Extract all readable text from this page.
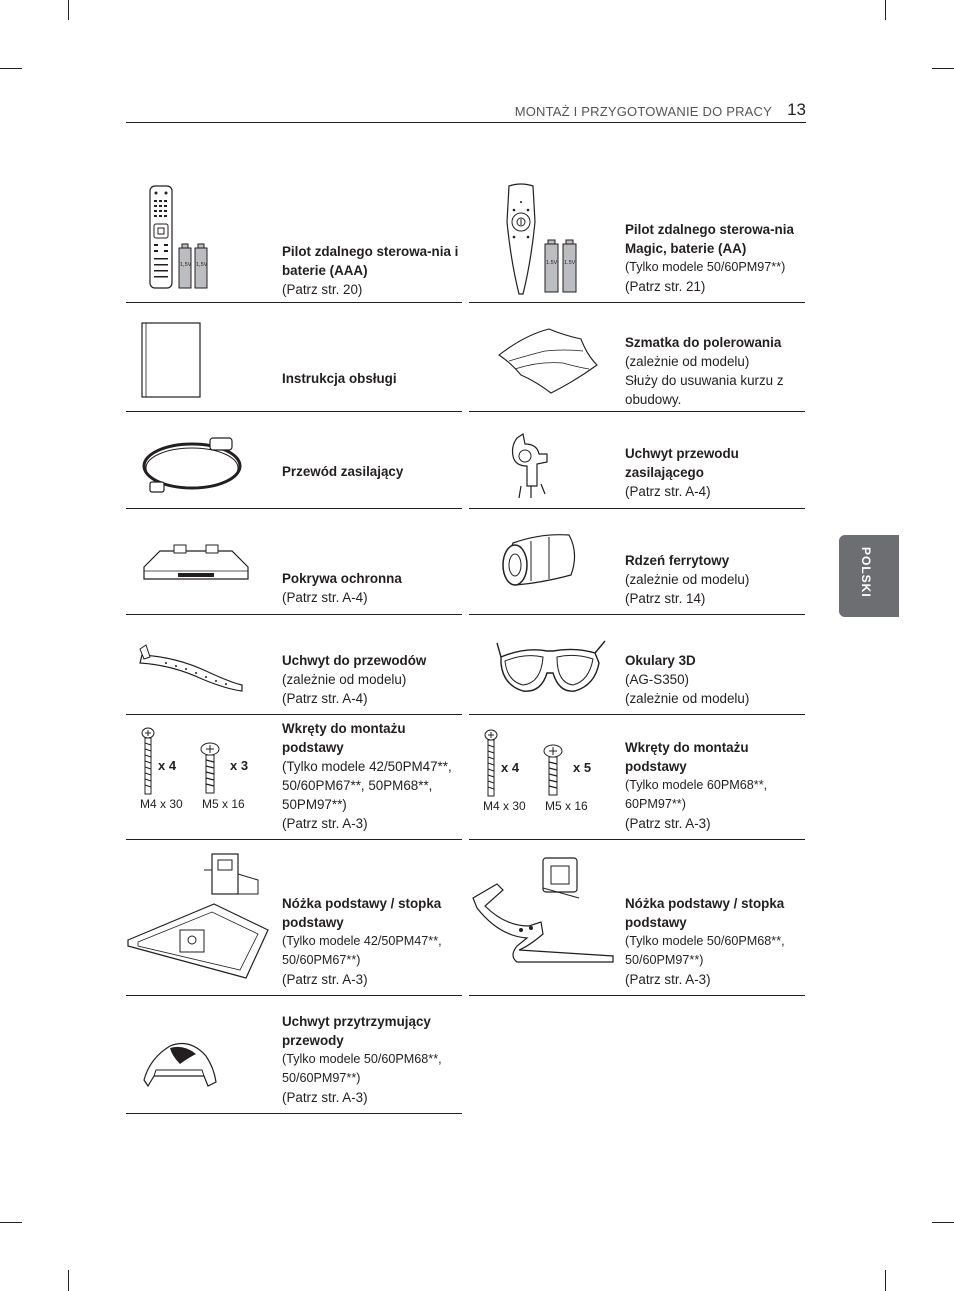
MONTAŻ I PRZYGOTOWANIE DO PRACY 13
POLSKI
1,5V 1,5V
Pilot zdalnego sterowa-nia i baterie (AAA)
(Patrz str. 20)
1.5V 1.5V
Pilot zdalnego sterowa-nia Magic, baterie (AA)
(Tylko modele 50/60PM97**)
(Patrz str. 21)
Instrukcja obsługi
Szmatka do polerowania
(zależnie od modelu)
Służy do usuwania kurzu z obudowy.
Przewód zasilający
Uchwyt przewodu zasilającego
(Patrz str. A-4)
Pokrywa ochronna
(Patrz str. A-4)
Rdzeń ferrytowy
(zależnie od modelu)
(Patrz str. 14)
Uchwyt do przewodów
(zależnie od modelu)
(Patrz str. A-4)
Okulary 3D
(AG-S350)
(zależnie od modelu)
x 4	x 3
M4 x 30 M5 x 16
Wkręty do montażu podstawy
(Tylko modele 42/50PM47**, 50/60PM67**, 50PM68**, 50PM97**)
(Patrz str. A-3)
x 4	x 5
M4 x 30 M5 x 16
Wkręty do montażu podstawy
(Tylko modele 60PM68**, 60PM97**)
(Patrz str. A-3)
Nóżka podstawy / stopka podstawy
(Tylko modele 42/50PM47**, 50/60PM67**)
(Patrz str. A-3)
Nóżka podstawy / stopka podstawy
(Tylko modele 50/60PM68**, 50/60PM97**)
(Patrz str. A-3)
Uchwyt przytrzymujący przewody
(Tylko modele 50/60PM68**, 50/60PM97**)
(Patrz str. A-3)
